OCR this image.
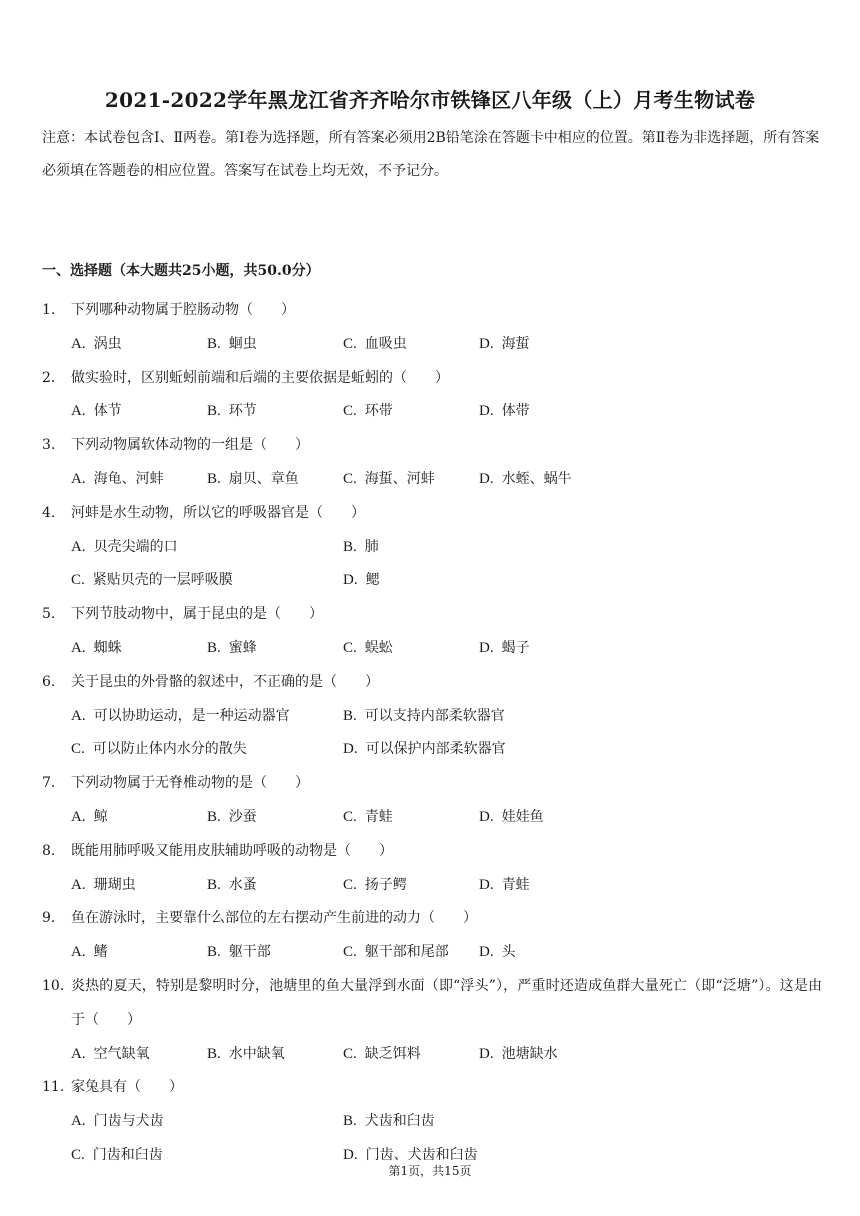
2021-2022学年黑龙江省齐齐哈尔市铁锋区八年级（上）月考生物试卷

注意：本试卷包含Ⅰ、Ⅱ两卷。第Ⅰ卷为选择题，所有答案必须用2B铅笔涂在答题卡中相应的位置。第Ⅱ卷为非选择题，所有答案必须填在答题卷的相应位置。答案写在试卷上均无效，不予记分。

一、选择题（本大题共25小题，共50.0分）

1. 下列哪种动物属于腔肠动物（　　）
A. 涡虫	B. 蛔虫	C. 血吸虫	D. 海蜇
2. 做实验时，区别蚯蚓前端和后端的主要依据是蚯蚓的（　　）
A. 体节	B. 环节	C. 环带	D. 体带
3. 下列动物属软体动物的一组是（　　）
A. 海龟、河蚌	B. 扇贝、章鱼	C. 海蜇、河蚌	D. 水蛭、蜗牛
4. 河蚌是水生动物，所以它的呼吸器官是（　　）
A. 贝壳尖端的口	B. 肺
C. 紧贴贝壳的一层呼吸膜	D. 鳃
5. 下列节肢动物中，属于昆虫的是（　　）
A. 蜘蛛	B. 蜜蜂	C. 蜈蚣	D. 蝎子
6. 关于昆虫的外骨骼的叙述中，不正确的是（　　）
A. 可以协助运动，是一种运动器官	B. 可以支持内部柔软器官
C. 可以防止体内水分的散失	D. 可以保护内部柔软器官
7. 下列动物属于无脊椎动物的是（　　）
A. 鲸	B. 沙蚕	C. 青蛙	D. 娃娃鱼
8. 既能用肺呼吸又能用皮肤辅助呼吸的动物是（　　）
A. 珊瑚虫	B. 水蚤	C. 扬子鳄	D. 青蛙
9. 鱼在游泳时，主要靠什么部位的左右摆动产生前进的动力（　　）
A. 鳍	B. 躯干部	C. 躯干部和尾部	D. 头
10. 炎热的夏天，特别是黎明时分，池塘里的鱼大量浮到水面（即“浮头”），严重时还造成鱼群大量死亡（即“泛塘”）。这是由于（　　）
A. 空气缺氧	B. 水中缺氧	C. 缺乏饵料	D. 池塘缺水
11. 家兔具有（　　）
A. 门齿与犬齿	B. 犬齿和臼齿
C. 门齿和臼齿	D. 门齿、犬齿和臼齿

第1页，共15页
